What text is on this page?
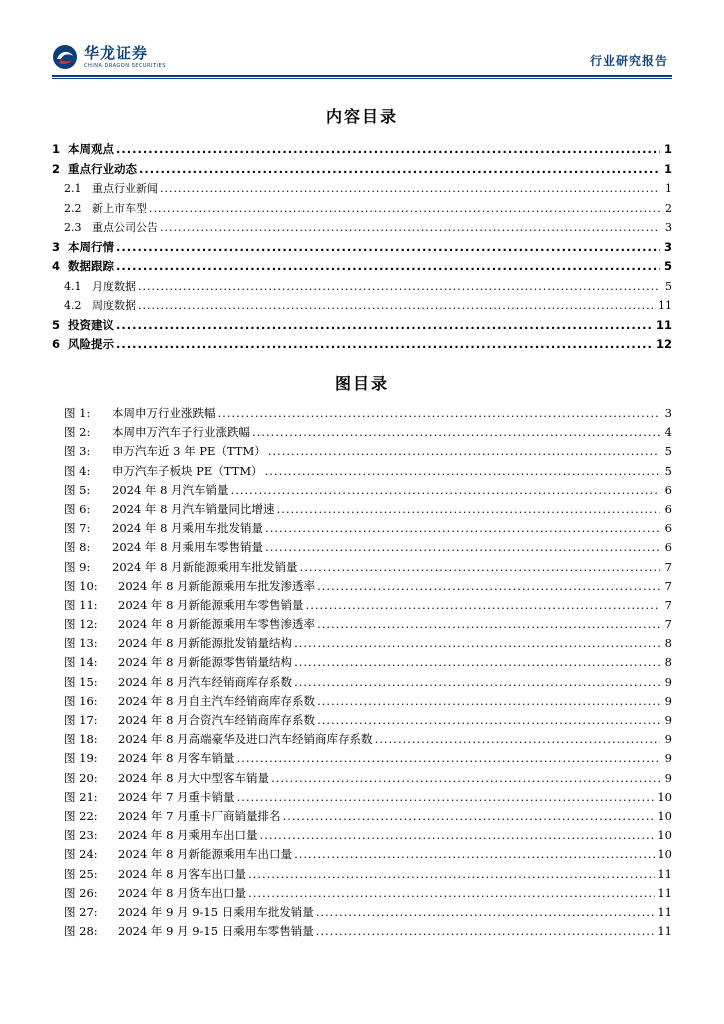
华龙证券
CHINA DRAGON SECURITIES	行业研究报告
内容目录
1 本周观点 .....	1
2 重点行业动态 .....	1
2.1 重点行业新闻 .....	1
2.2 新上市车型 .....	2
2.3 重点公司公告 .....	3
3 本周行情 .....	3
4 数据跟踪 .....	5
4.1 月度数据 .....	5
4.2 周度数据 .....	11
5 投资建议 .....	11
6 风险提示 .....	12
图目录
图 1:	本周申万行业涨跌幅 .....	3
图 2:	本周申万汽车子行业涨跌幅 .....	4
图 3:	申万汽车近 3 年 PE（TTM） .....	5
图 4:	申万汽车子板块 PE（TTM） .....	5
图 5:	2024 年 8 月汽车销量 .....	6
图 6:	2024 年 8 月汽车销量同比增速 .....	6
图 7:	2024 年 8 月乘用车批发销量 .....	6
图 8:	2024 年 8 月乘用车零售销量 .....	6
图 9:	2024 年 8 月新能源乘用车批发销量 .....	7
图 10:	2024 年 8 月新能源乘用车批发渗透率 .....	7
图 11:	2024 年 8 月新能源乘用车零售销量 .....	7
图 12:	2024 年 8 月新能源乘用车零售渗透率 .....	7
图 13:	2024 年 8 月新能源批发销量结构 .....	8
图 14:	2024 年 8 月新能源零售销量结构 .....	8
图 15:	2024 年 8 月汽车经销商库存系数 .....	9
图 16:	2024 年 8 月自主汽车经销商库存系数 .....	9
图 17:	2024 年 8 月合资汽车经销商库存系数 .....	9
图 18:	2024 年 8 月高端豪华及进口汽车经销商库存系数 .....	9
图 19:	2024 年 8 月客车销量 .....	9
图 20:	2024 年 8 月大中型客车销量 .....	9
图 21:	2024 年 7 月重卡销量 .....	10
图 22:	2024 年 7 月重卡厂商销量排名 .....	10
图 23:	2024 年 8 月乘用车出口量 .....	10
图 24:	2024 年 8 月新能源乘用车出口量 .....	10
图 25:	2024 年 8 月客车出口量 .....	11
图 26:	2024 年 8 月货车出口量 .....	11
图 27:	2024 年 9 月 9-15 日乘用车批发销量 .....	11
图 28:	2024 年 9 月 9-15 日乘用车零售销量 .....	11
